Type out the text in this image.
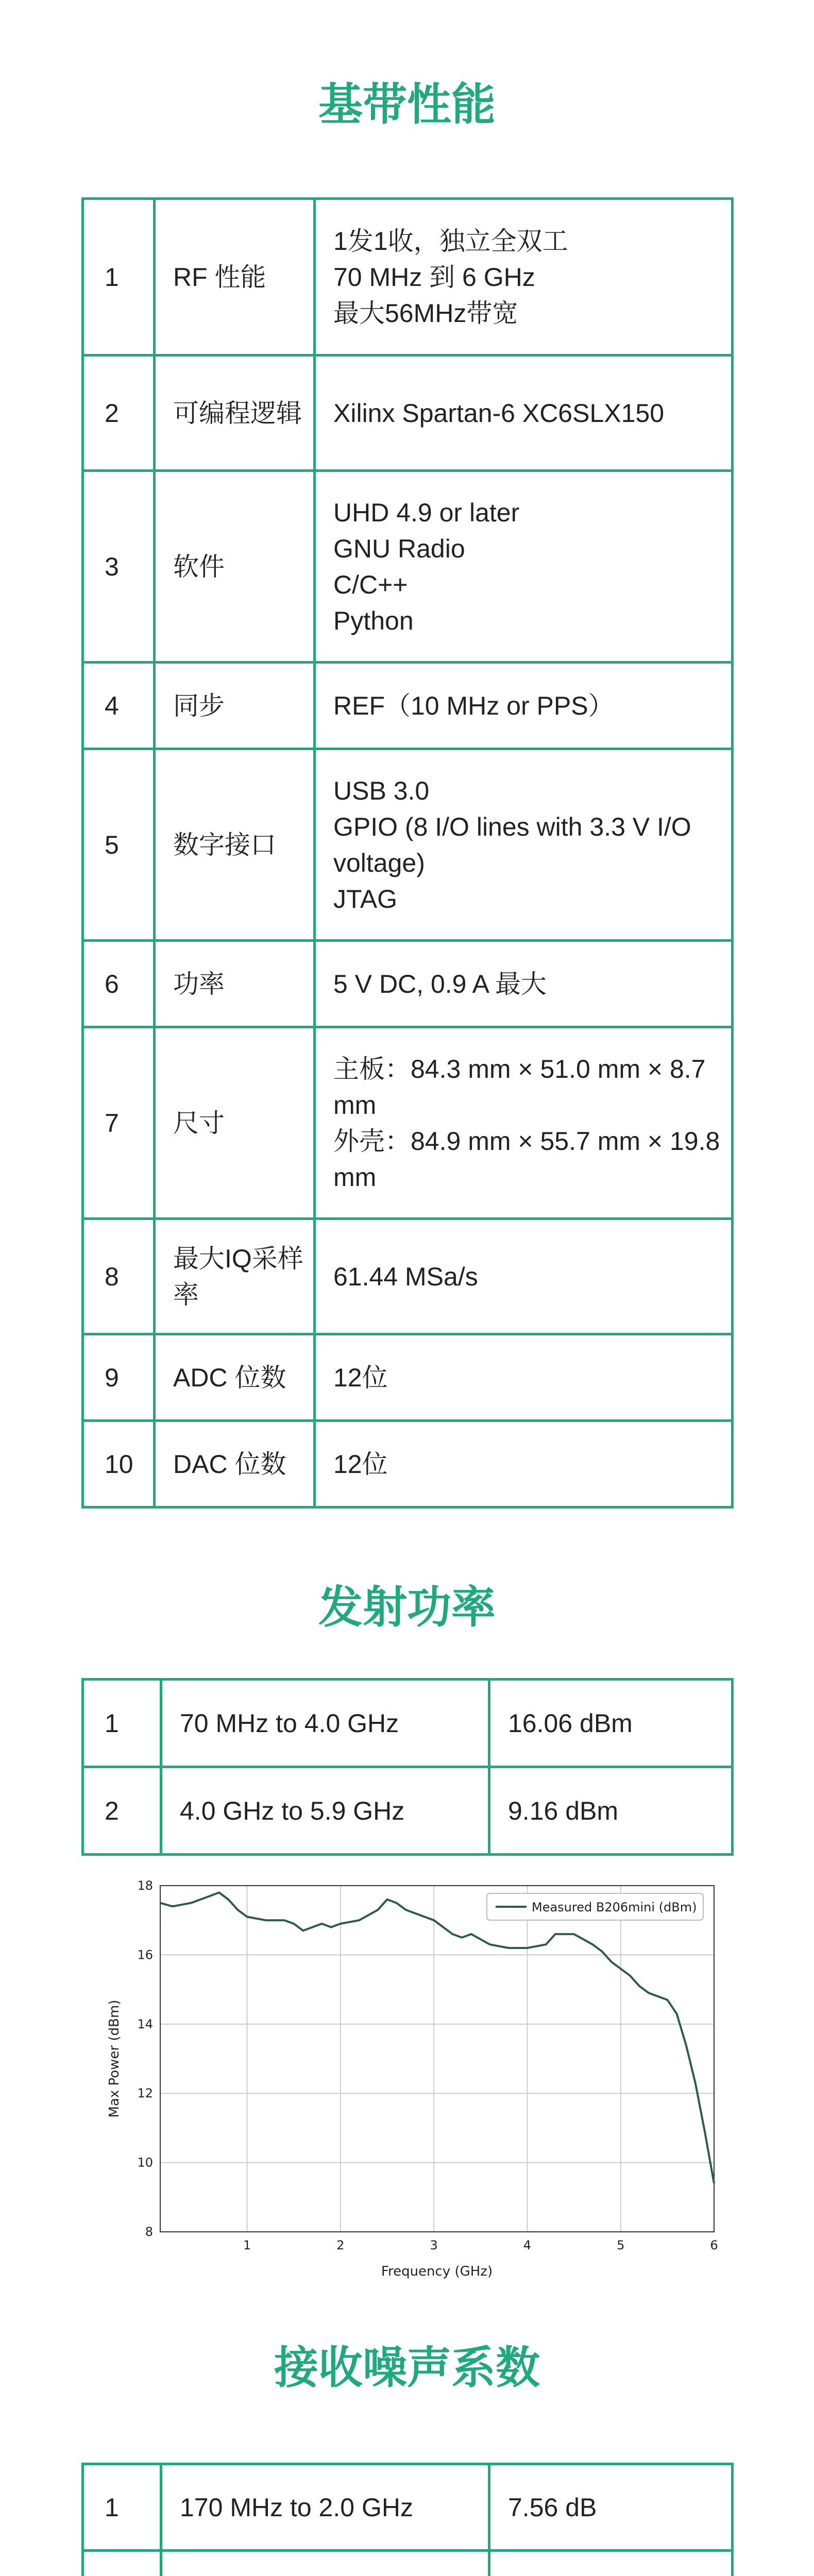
基带性能
1	RF 性能	1发1收，独立全双工
70 MHz 到 6 GHz
最大56MHz带宽
2	可编程逻辑	Xilinx Spartan-6 XC6SLX150
3	软件	UHD 4.9 or later
GNU Radio
C/C++
Python
4	同步	REF（10 MHz or PPS）
5	数字接口	USB 3.0
GPIO (8 I/O lines with 3.3 V I/O voltage)
JTAG
6	功率	5 V DC, 0.9 A 最大
7	尺寸	主板：84.3 mm × 51.0 mm × 8.7 mm
外壳：84.9 mm × 55.7 mm × 19.8 mm
8	最大IQ采样率	61.44 MSa/s
9	ADC 位数	12位
10	DAC 位数	12位
发射功率
1	70 MHz to 4.0 GHz	16.06 dBm
2	4.0 GHz to 5.9 GHz	9.16 dBm
1	2	3	4	5	6
8
10
12
14
16
18
Measured B206mini (dBm)
Frequency (GHz)
Max Power (dBm)
接收噪声系数
1	170 MHz to 2.0 GHz	7.56 dB
